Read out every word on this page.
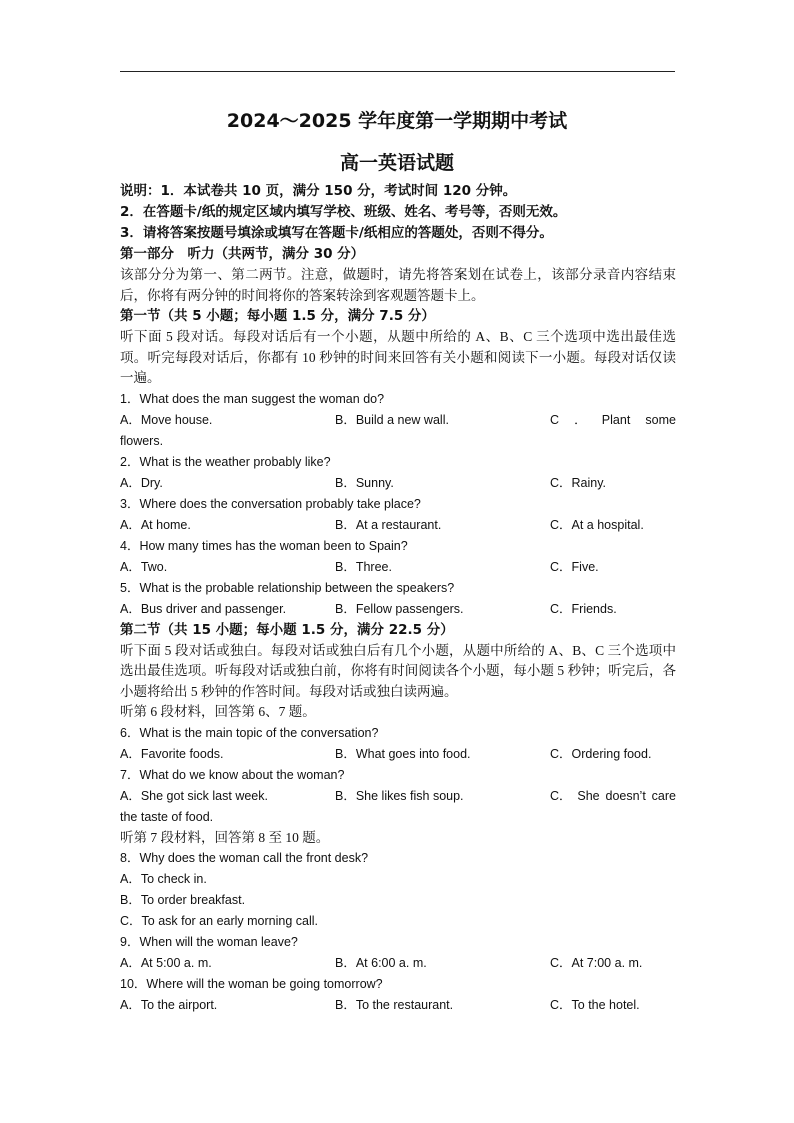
2024～2025 学年度第一学期期中考试
高一英语试题

说明：1．本试卷共 10 页，满分 150 分，考试时间 120 分钟。

2．在答题卡/纸的规定区域内填写学校、班级、姓名、考号等，否则无效。

3．请将答案按题号填涂或填写在答题卡/纸相应的答题处，否则不得分。

第一部分　听力（共两节，满分 30 分）

该部分分为第一、第二两节。注意，做题时，请先将答案划在试卷上，该部分录音内容结束后，你将有两分钟的时间将你的答案转涂到客观题答题卡上。

第一节（共 5 小题；每小题 1.5 分，满分 7.5 分）

听下面 5 段对话。每段对话后有一个小题，从题中所给的 A、B、C 三个选项中选出最佳选项。听完每段对话后，你都有 10 秒钟的时间来回答有关小题和阅读下一小题。每段对话仅读一遍。

1．What does the man suggest the woman do?

A．Move house.	B．Build a new wall.	C ． Plant some

flowers.

2．What is the weather probably like?

A．Dry.	B．Sunny.	C．Rainy.

3．Where does the conversation probably take place?

A．At home.	B．At a restaurant.	C．At a hospital.

4．How many times has the woman been to Spain?

A．Two.	B．Three.	C．Five.

5．What is the probable relationship between the speakers?

A．Bus driver and passenger.	B．Fellow passengers.	C．Friends.

第二节（共 15 小题；每小题 1.5 分，满分 22.5 分）

听下面 5 段对话或独白。每段对话或独白后有几个小题，从题中所给的 A、B、C 三个选项中选出最佳选项。听每段对话或独白前，你将有时间阅读各个小题，每小题 5 秒钟；听完后，各小题将给出 5 秒钟的作答时间。每段对话或独白读两遍。

听第 6 段材料，回答第 6、7 题。

6．What is the main topic of the conversation?

A．Favorite foods.	B．What goes into food.	C．Ordering food.

7．What do we know about the woman?

A．She got sick last week.	B．She likes fish soup.	C． She doesn’t care

the taste of food.

听第 7 段材料，回答第 8 至 10 题。

8．Why does the woman call the front desk?

A．To check in.

B．To order breakfast.

C．To ask for an early morning call.

9．When will the woman leave?

A．At 5:00 a. m.	B．At 6:00 a. m.	C．At 7:00 a. m.

10．Where will the woman be going tomorrow?

A．To the airport.	B．To the restaurant.	C．To the hotel.
